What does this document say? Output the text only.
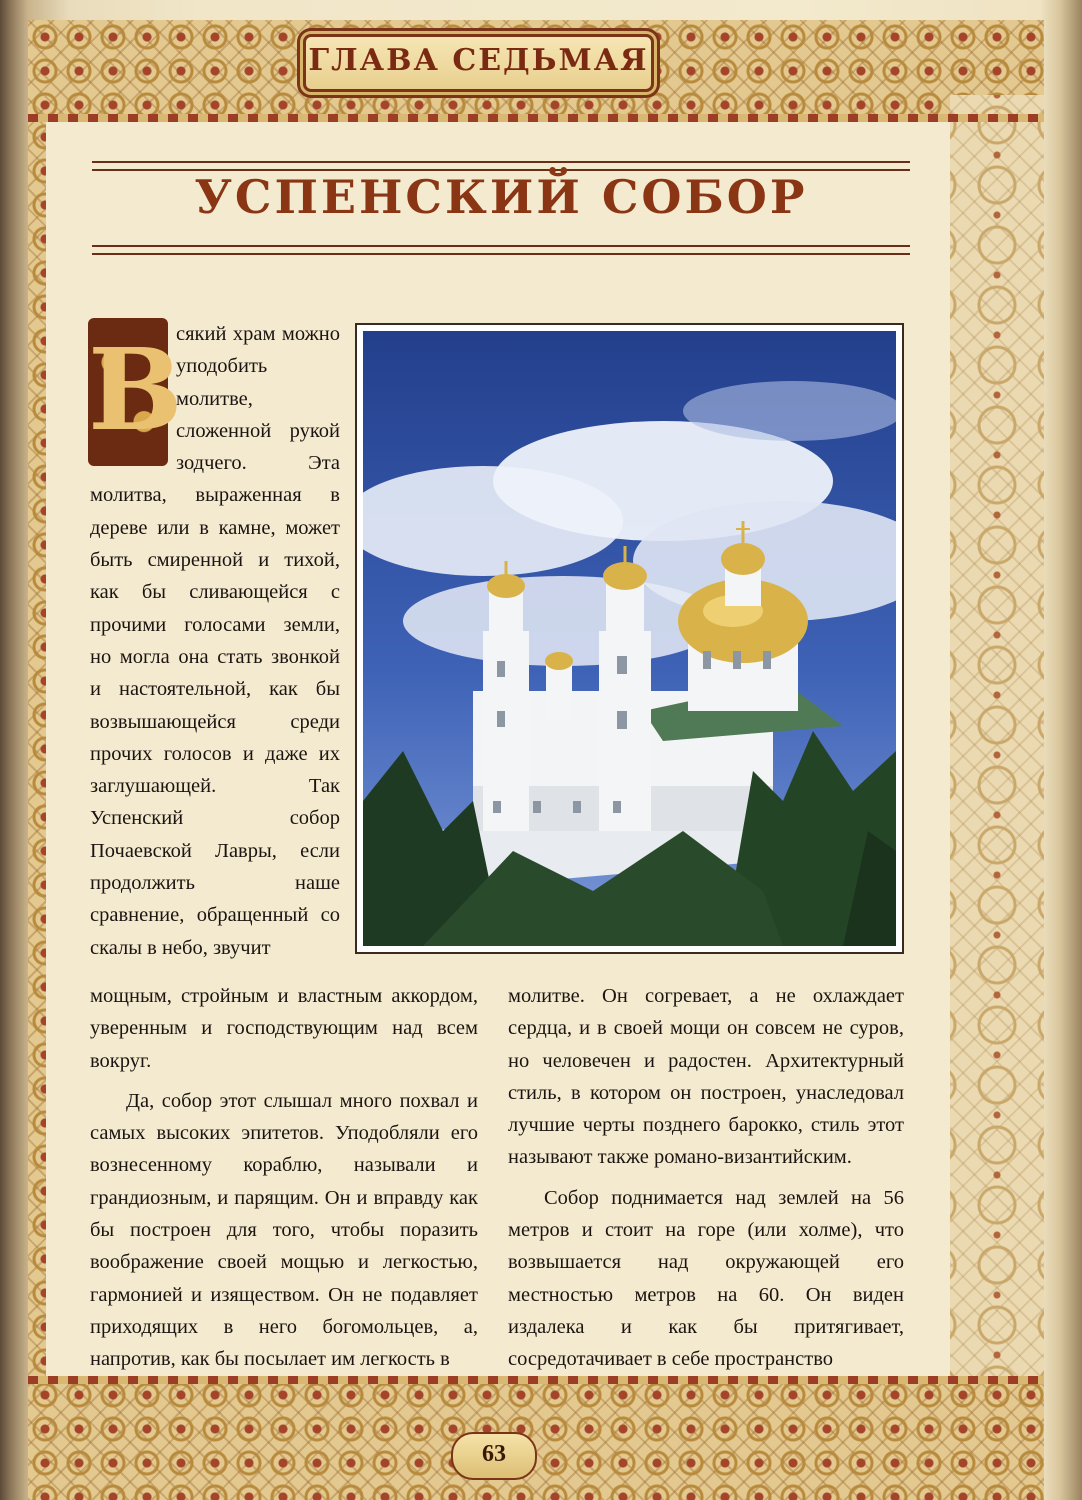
ГЛАВА СЕДЬМАЯ
УСПЕНСКИЙ СОБОР

сякий храм можно уподобить молитве, сложенной рукой зодчего. Эта молитва, выраженная в дереве или в камне, может быть смиренной и тихой, как бы сливающейся с прочими голосами земли, но могла она стать звонкой и настоятельной, как бы возвышающейся среди прочих голосов и даже их заглушающей. Так Успенский собор Почаевской Лавры, если продолжить наше сравнение, обращенный со скалы в небо, звучит

В

мощным, стройным и властным аккордом, уверенным и господствующим над всем вокруг.

Да, собор этот слышал много похвал и самых высоких эпитетов. Уподобляли его вознесенному кораблю, называли и грандиозным, и парящим. Он и вправду как бы построен для того, чтобы поразить воображение своей мощью и легкостью, гармонией и изяществом. Он не подавляет приходящих в него богомольцев, а, напротив, как бы посылает им легкость в

молитве. Он согревает, а не охлаждает сердца, и в своей мощи он совсем не суров, но человечен и радостен. Архитектурный стиль, в котором он построен, унаследовал лучшие черты позднего барокко, стиль этот называют также романо-византийским.

Собор поднимается над землей на 56 метров и стоит на горе (или холме), что возвышается над окружающей его местностью метров на 60. Он виден издалека и как бы притягивает, сосредотачивает в себе пространство

63
